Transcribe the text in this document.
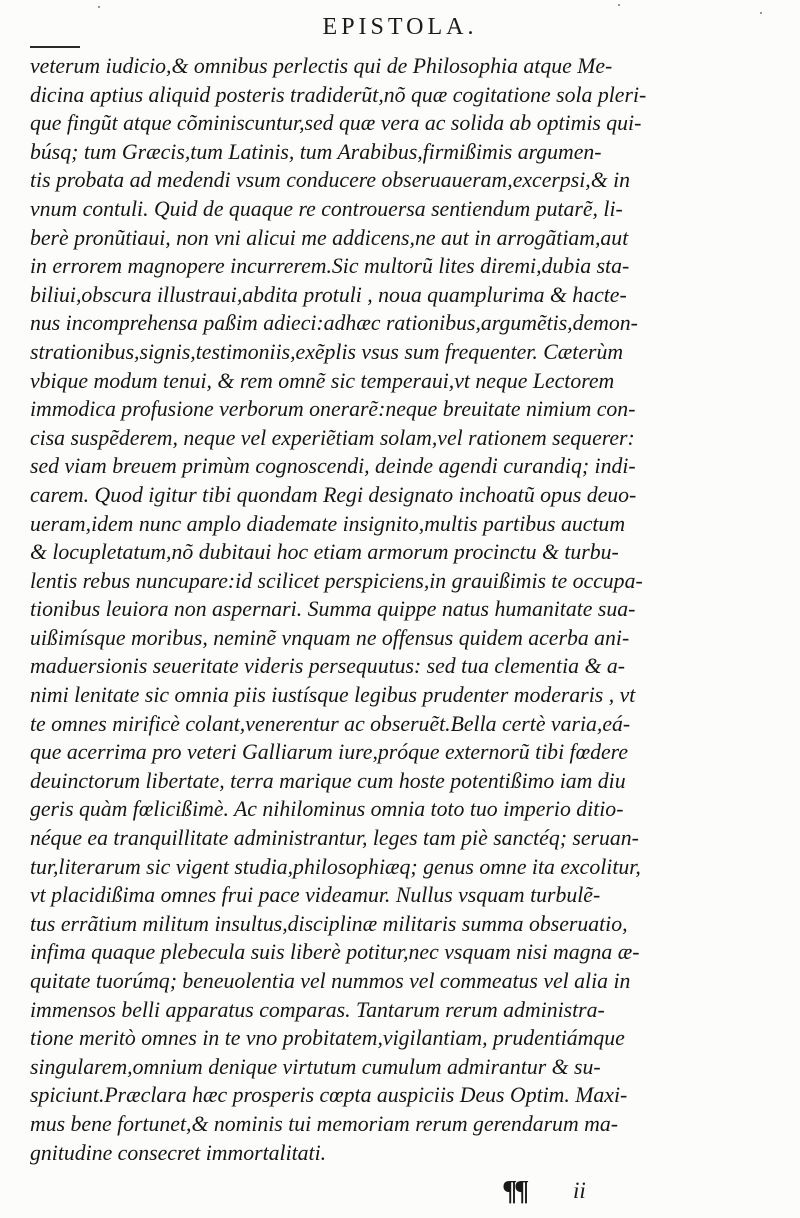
EPISTOLA.
veterum iudicio,& omnibus perlectis qui de Philosophia atque Me-
dicina aptius aliquid posteris tradiderũt,nõ quæ cogitatione sola pleri-
que fingũt atque cõminiscuntur,sed quæ vera ac solida ab optimis qui-
búsq; tum Græcis,tum Latinis, tum Arabibus,firmißimis argumen-
tis probata ad medendi vsum conducere obseruaueram,excerpsi,& in
vnum contuli. Quid de quaque re controuersa sentiendum putarẽ, li-
berè pronũtiaui, non vni alicui me addicens,ne aut in arrogãtiam,aut
in errorem magnopere incurrerem.Sic multorũ lites diremi,dubia sta-
biliui,obscura illustraui,abdita protuli , noua quamplurima & hacte-
nus incomprehensa paßim adieci:adhæc rationibus,argumẽtis,demon-
strationibus,signis,testimoniis,exẽplis vsus sum frequenter. Cæterùm
vbique modum tenui, & rem omnẽ sic temperaui,vt neque Lectorem
immodica profusione verborum onerarẽ:neque breuitate nimium con-
cisa suspẽderem, neque vel experiẽtiam solam,vel rationem sequerer:
sed viam breuem primùm cognoscendi, deinde agendi curandiq; indi-
carem. Quod igitur tibi quondam Regi designato inchoatũ opus deuo-
ueram,idem nunc amplo diademate insignito,multis partibus auctum
& locupletatum,nõ dubitaui hoc etiam armorum procinctu & turbu-
lentis rebus nuncupare:id scilicet perspiciens,in grauißimis te occupa-
tionibus leuiora non aspernari. Summa quippe natus humanitate sua-
uißimísque moribus, neminẽ vnquam ne offensus quidem acerba ani-
maduersionis seueritate videris persequutus: sed tua clementia & a-
nimi lenitate sic omnia piis iustísque legibus prudenter moderaris , vt
te omnes mirificè colant,venerentur ac obseruẽt.Bella certè varia,eá-
que acerrima pro veteri Galliarum iure,próque externorũ tibi fœdere
deuinctorum libertate, terra marique cum hoste potentißimo iam diu
geris quàm fœlicißimè. Ac nihilominus omnia toto tuo imperio ditio-
néque ea tranquillitate administrantur, leges tam piè sanctéq; seruan-
tur,literarum sic vigent studia,philosophiæq; genus omne ita excolitur,
vt placidißima omnes frui pace videamur. Nullus vsquam turbulẽ-
tus errãtium militum insultus,disciplinæ militaris summa obseruatio,
infima quaque plebecula suis liberè potitur,nec vsquam nisi magna æ-
quitate tuorúmq; beneuolentia vel nummos vel commeatus vel alia in
immensos belli apparatus comparas. Tantarum rerum administra-
tione meritò omnes in te vno probitatem,vigilantiam, prudentiámque
singularem,omnium denique virtutum cumulum admirantur & su-
spiciunt.Præclara hæc prosperis cœpta auspiciis Deus Optim. Maxi-
mus bene fortunet,& nominis tui memoriam rerum gerendarum ma-
gnitudine consecret immortalitati.
¶¶ ii
